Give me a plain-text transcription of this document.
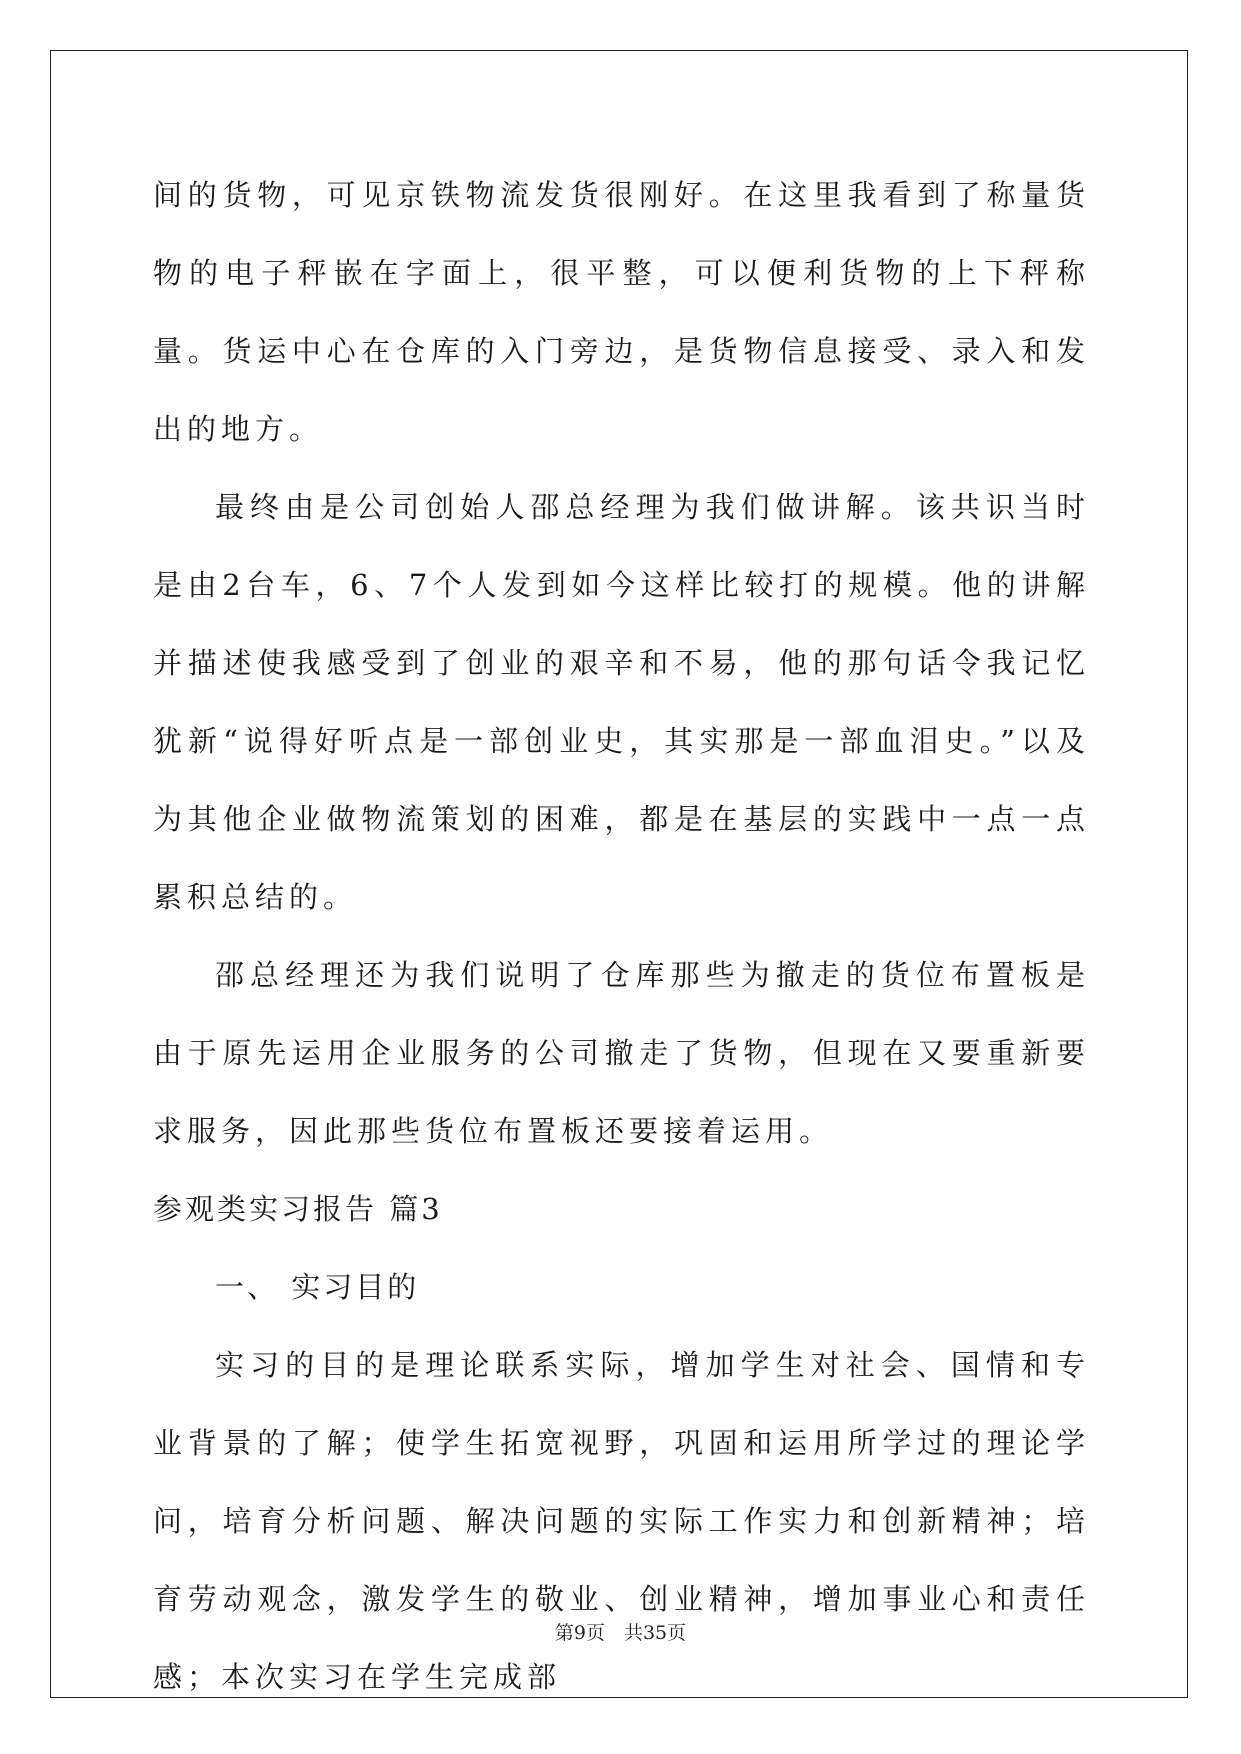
间的货物，可见京铁物流发货很刚好。在这里我看到了称量货物的电子秤嵌在字面上，很平整，可以便利货物的上下秤称量。货运中心在仓库的入门旁边，是货物信息接受、录入和发出的地方。

最终由是公司创始人邵总经理为我们做讲解。该共识当时是由2台车，6、7个人发到如今这样比较打的规模。他的讲解并描述使我感受到了创业的艰辛和不易，他的那句话令我记忆犹新“说得好听点是一部创业史，其实那是一部血泪史。”以及为其他企业做物流策划的困难，都是在基层的实践中一点一点累积总结的。

邵总经理还为我们说明了仓库那些为撤走的货位布置板是由于原先运用企业服务的公司撤走了货物，但现在又要重新要求服务，因此那些货位布置板还要接着运用。

参观类实习报告 篇3

一、 实习目的

实习的目的是理论联系实际，增加学生对社会、国情和专业背景的了解；使学生拓宽视野，巩固和运用所学过的理论学问，培育分析问题、解决问题的实际工作实力和创新精神；培育劳动观念，激发学生的敬业、创业精神，增加事业心和责任感；本次实习在学生完成部

第9页　共35页
